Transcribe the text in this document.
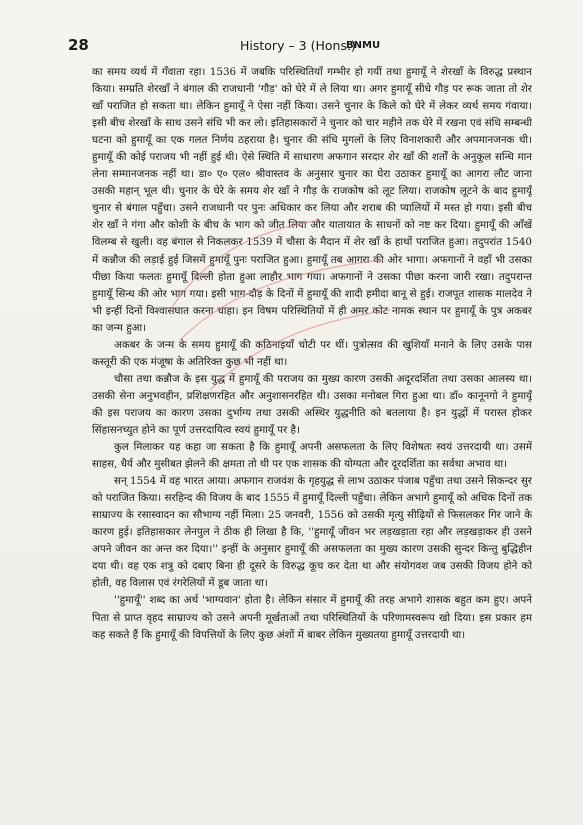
28	History – 3 (Hons.)
BNMU

का समय व्यर्थ में गँवाता रहा। 1536 में जबकि परिस्थितियाँ गम्भीर हो गयीं तथा हुमायूँ ने शेरखाँ के विरुद्ध प्रस्थान किया। सम्प्रति शेरखाँ ने बंगाल की राजधानी 'गौड़' को घेरे में ले लिया था। अगर हुमायूँ सीधे गौड़ पर रूक जाता तो शेर खाँ पराजित हो सकता था। लेकिन हुमायूँ ने ऐसा नहीं किया। उसने चुनार के किले को घेरे में लेकर व्यर्थ समय गंवाया। इसी बीच शेरखाँ के साथ उसने संधि भी कर लो। इतिहासकारों ने चुनार को चार महीने तक घेरे में रखना एवं संधि सम्बन्धी घटना को हुमायूँ का एक गलत निर्णय ठहराया है। चुनार की संधि मुगलों के लिए विनाशकारी और अपमानजनक थी। हुमायूँ की कोई पराजय भी नहीं हुई थी। ऐसे स्थिति में साधारण अफगान सरदार शेर खाँ की शर्तों के अनुकूल सन्धि मान लेना सम्मानजनक नहीं था। डा० ए० एल० श्रीवास्तव के अनुसार चुनार का घेरा उठाकर हुमायूँ का आगरा लौट जाना उसकी महान् भूल थी। चुनार के घेरे के समय शेर खाँ ने गौड़ के राजकोष को लूट लिया। राजकोष लूटने के बाद हुमायूँ चुनार से बंगाल पहुँचा। उसने राजधानी पर पुनः अधिकार कर लिया और शराब की प्यालियों में मस्त हो गया। इसी बीच शेर खाँ ने गंगा और कोशी के बीच के भाग को जीत लिया और यातायात के साधनों को नष्ट कर दिया। हुमायूँ की आँखें विलम्ब से खुली। वह बंगाल से निकलकर 1539 में चौसा के मैदान में शेर खाँ के हाथों पराजित हुआ। तदुपरांत 1540 में कन्नौज की लड़ाई हुई जिसमें हुमायूँ पुनः पराजित हुआ। हुमायूँ तब आगरा की ओर भागा। अफगानों ने वहाँ भी उसका पीछा किया फलतः हुमायूँ दिल्ली होता हुआ लाहौर भाग गया। अफगानों ने उसका पीछा करना जारी रखा। तदुपरान्त हुमायूँ सिन्ध की ओर भाग गया। इसी भाग-दौड़ के दिनों में हुमायूँ की शादी हमीदा बानू से हुई। राजपूत शासक मालदेव ने भी इन्हीं दिनों विश्वासघात करना चाहा। इन विषम परिस्थितियों में ही अमर कोट नामक स्थान पर हुमायूँ के पुत्र अकबर का जन्म हुआ।

अकबर के जन्म के समय हुमायूँ की कठिनाइयाँ चोटी पर थीं। पुत्रोत्सव की खुशियाँ मनाने के लिए उसके पास कस्तूरी की एक मंजूषा के अतिरिक्त कुछ भी नहीं था।

चौसा तथा कन्नौज के इस युद्ध में हुमायूँ की पराजय का मुख्य कारण उसकी अदूरदर्शिता तथा उसका आलस्य था। उसकी सेना अनुभवहीन, प्रशिक्षणरहित और अनुशासनरहित थी। उसका मनोबल गिरा हुआ था। डॉ० कानूनगो ने हुमायूँ की इस पराजय का कारण उसका दुर्भाग्य तथा उसकी अस्थिर युद्धनीति को बतलाया है। इन युद्धों में परास्त होकर सिंहासनच्युत होने का पूर्ण उत्तरदायित्व स्वयं हुमायूँ पर है।

कुल मिलाकर यह कहा जा सकता है कि हुमायूँ अपनी असफलता के लिए विशेषतः स्वयं उत्तरदायी था। उसमें साहस, धैर्य और मुसीबत झेलने की क्षमता तो थी पर एक शासक की योग्यता और दूरदर्शिता का सर्वथा अभाव था।

सन् 1554 में वह भारत आया। अफगान राजवंश के गृहयुद्ध से लाभ उठाकर पंजाब पहुँचा तथा उसने सिकन्दर सुर को पराजित किया। सरहिन्द की विजय के बाद 1555 में हुमायूँ दिल्ली पहुँचा। लेकिन अभागे हुमायूँ को अधिक दिनों तक साम्राज्य के रसास्वादन का सौभाग्य नहीं मिला। 25 जनवरी, 1556 को उसकी मृत्यु सीढ़ियों से फिसलकर गिर जाने के कारण हुई। इतिहासकार लेनपुल ने ठीक ही लिखा है कि, ''हुमायूँ जीवन भर लड़खड़ाता रहा और लड़खड़ाकर ही उसने अपने जीवन का अन्त कर दिया।'' इन्हीं के अनुसार हुमायूँ की असफलता का मुख्य कारण उसकी सुन्दर किन्तु बुद्धिहीन दया थी। वह एक शत्रु को दबाए बिना ही दूसरे के विरुद्ध कूच कर देता था और संयोगवश जब उसकी विजय होने को होती, वह विलास एवं रंगरेलियों में डूब जाता था।

''हुमायूँ'' शब्द का अर्थ 'भाग्यवान' होता है। लेकिन संसार में हुमायूँ की तरह अभागे शासक बहुत कम हुए। अपने पिता से प्राप्त वृहद साम्राज्य को उसने अपनी मूर्खताओं तथा परिस्थितियों के परिणामस्वरूप खो दिया। इस प्रकार हम कह सकते हैं कि हुमायूँ की विपत्तियों के लिए कुछ अंशों में बाबर लेकिन मुख्यतया हुमायूँ उत्तरदायी था।
